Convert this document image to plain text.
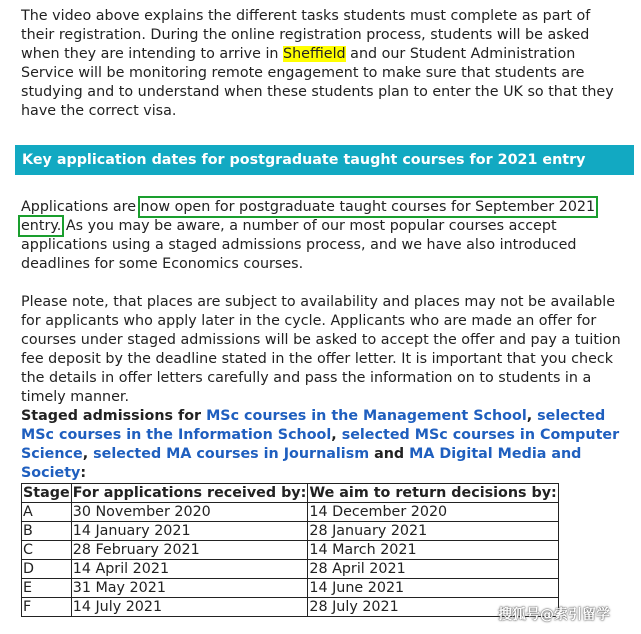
The video above explains the different tasks students must complete as part of their registration. During the online registration process, students will be asked when they are intending to arrive in Sheffield and our Student Administration Service will be monitoring remote engagement to make sure that students are studying and to understand when these students plan to enter the UK so that they have the correct visa.

Key application dates for postgraduate taught courses for 2021 entry

Applications are now open for postgraduate taught courses for September 2021 entry. As you may be aware, a number of our most popular courses accept applications using a staged admissions process, and we have also introduced deadlines for some Economics courses.

Please note, that places are subject to availability and places may not be available for applicants who apply later in the cycle. Applicants who are made an offer for courses under staged admissions will be asked to accept the offer and pay a tuition fee deposit by the deadline stated in the offer letter. It is important that you check the details in offer letters carefully and pass the information on to students in a timely manner.

Staged admissions for MSc courses in the Management School, selected MSc courses in the Information School, selected MSc courses in Computer Science, selected MA courses in Journalism and MA Digital Media and Society:

Stage	For applications received by:	We aim to return decisions by:
A	30 November 2020	14 December 2020
B	14 January 2021	28 January 2021
C	28 February 2021	14 March 2021
D	14 April 2021	28 April 2021
E	31 May 2021	14 June 2021
F	14 July 2021	28 July 2021	搜狐号@索引留学
